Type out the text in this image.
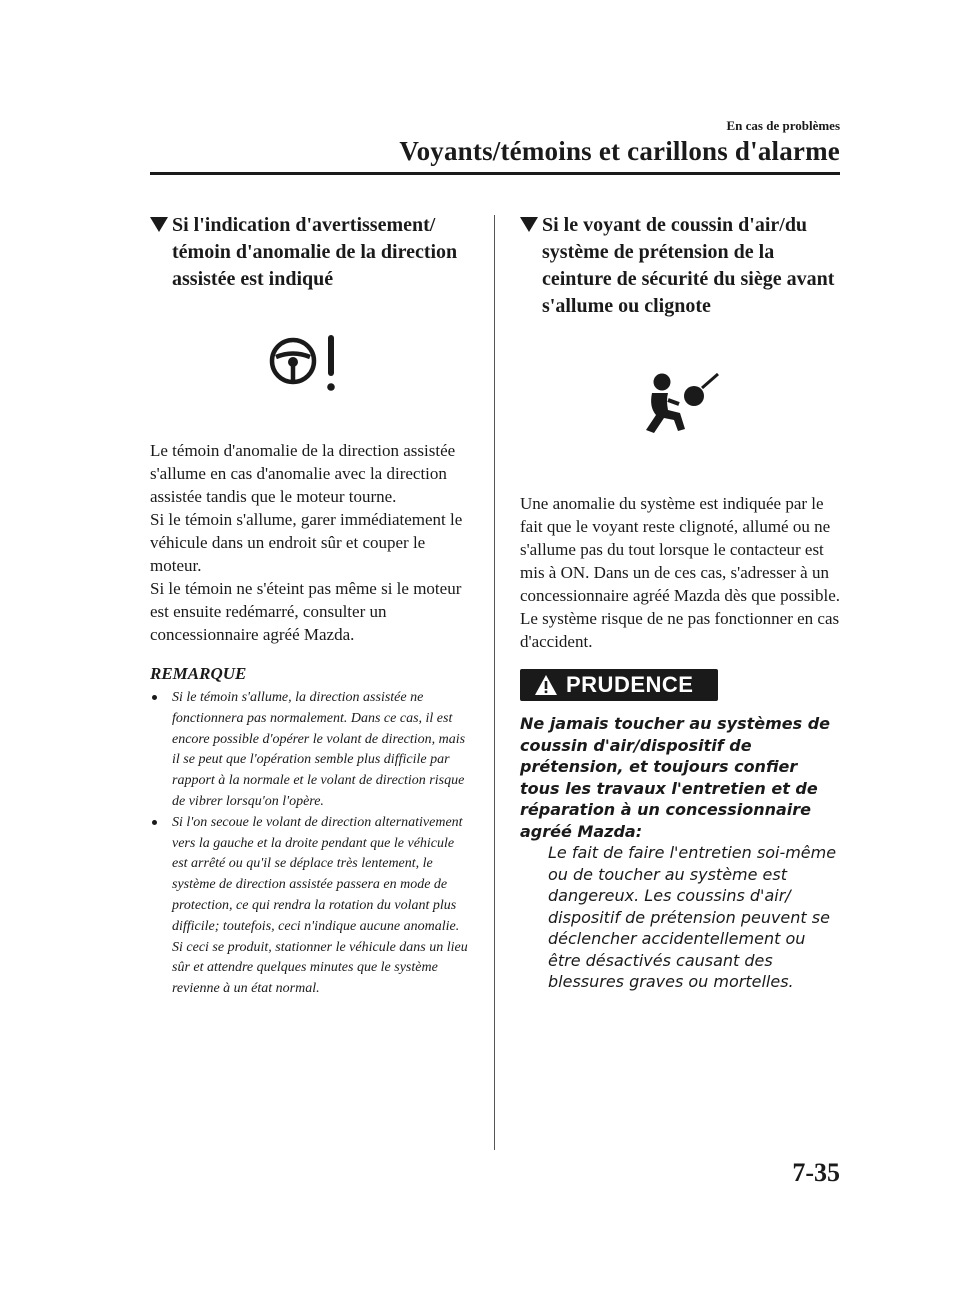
En cas de problèmes
Voyants/témoins et carillons d'alarme
Si l'indication d'avertissement/ témoin d'anomalie de la direction assistée est indiqué

Le témoin d'anomalie de la direction assistée s'allume en cas d'anomalie avec la direction assistée tandis que le moteur tourne.

Si le témoin s'allume, garer immédiatement le véhicule dans un endroit sûr et couper le moteur.

Si le témoin ne s'éteint pas même si le moteur est ensuite redémarré, consulter un concessionnaire agréé Mazda.

REMARQUE
Si le témoin s'allume, la direction assistée ne fonctionnera pas normalement. Dans ce cas, il est encore possible d'opérer le volant de direction, mais il se peut que l'opération semble plus difficile par rapport à la normale et le volant de direction risque de vibrer lorsqu'on l'opère.
Si l'on secoue le volant de direction alternativement vers la gauche et la droite pendant que le véhicule est arrêté ou qu'il se déplace très lentement, le système de direction assistée passera en mode de protection, ce qui rendra la rotation du volant plus difficile; toutefois, ceci n'indique aucune anomalie. Si ceci se produit, stationner le véhicule dans un lieu sûr et attendre quelques minutes que le système revienne à un état normal.
Si le voyant de coussin d'air/du système de prétension de la ceinture de sécurité du siège avant s'allume ou clignote

Une anomalie du système est indiquée par le fait que le voyant reste clignoté, allumé ou ne s'allume pas du tout lorsque le contacteur est mis à ON. Dans un de ces cas, s'adresser à un concessionnaire agréé Mazda dès que possible. Le système risque de ne pas fonctionner en cas d'accident.

PRUDENCE

Ne jamais toucher au systèmes de coussin d'air/dispositif de prétension, et toujours confier tous les travaux l'entretien et de réparation à un concessionnaire agréé Mazda:

Le fait de faire l'entretien soi-même ou de toucher au système est dangereux. Les coussins d'air/ dispositif de prétension peuvent se déclencher accidentellement ou être désactivés causant des blessures graves ou mortelles.

7-35
